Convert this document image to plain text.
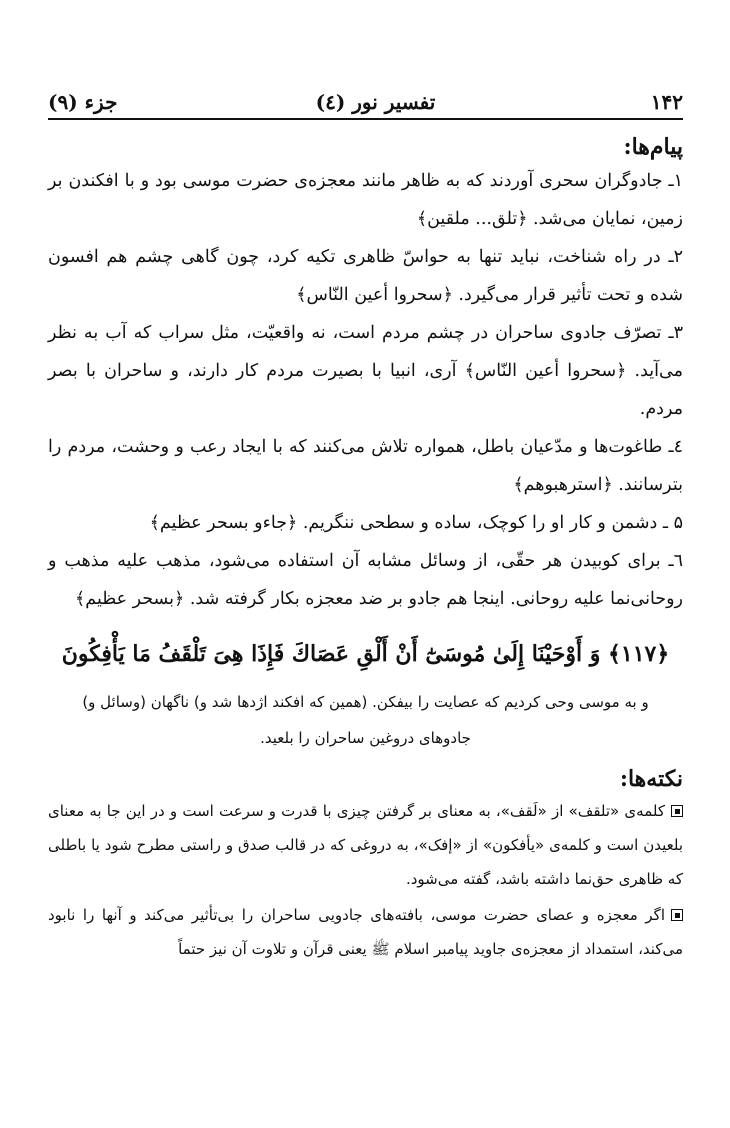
۱۴۲
تفسیر نور (٤)
جزء (۹)
پیام‌ها:
۱ـ جادوگران سحری آوردند که به ظاهر مانند معجزه‌ی حضرت موسی بود و با افکندن بر زمین، نمایان می‌شد. ﴿تلق... ملقین﴾
۲ـ در راه شناخت، نباید تنها به حواسّ ظاهری تکیه کرد، چون گاهی چشم هم افسون شده و تحت تأثیر قرار می‌گیرد. ﴿سحروا أعین النّاس﴾
۳ـ تصرّف جادوی ساحران در چشم مردم است، نه واقعیّت، مثل سراب که آب به نظر می‌آید. ﴿سحروا أعین النّاس﴾ آری، انبیا با بصیرت مردم کار دارند، و ساحران با بصر مردم.
٤ـ طاغوت‌ها و مدّعیان باطل، همواره تلاش می‌کنند که با ایجاد رعب و وحشت، مردم را بترسانند. ﴿استرهبوهم﴾
۵ ـ دشمن و کار او را کوچک، ساده و سطحی ننگریم. ﴿جاءو بسحر عظیم﴾
٦ـ برای کوبیدن هر حقّی، از وسائل مشابه آن استفاده می‌شود، مذهب علیه مذهب و روحانی‌نما علیه روحانی. اینجا هم جادو بر ضد معجزه بکار گرفته شد. ﴿بسحر عظیم﴾
﴿١١٧﴾ وَ أَوْحَيْنَا إِلَىٰ مُوسَىٰٓ أَنْ أَلْقِ عَصَاكَ فَإِذَا هِىَ تَلْقَفُ مَا يَأْفِكُونَ
و به موسی وحی کردیم که عصایت را بیفکن. (همین که افکند اژدها شد و) ناگهان (وسائل و) جادوهای دروغین ساحران را بلعید.
نکته‌ها:
کلمه‌ی «تلقف» از «لَقف»، به معنای بر گرفتن چیزی با قدرت و سرعت است و در این جا به معنای بلعیدن است و کلمه‌ی «یأفکون» از «إفک»، به دروغی که در قالب صدق و راستی مطرح شود یا باطلی که ظاهری حق‌نما داشته باشد، گفته می‌شود.
اگر معجزه و عصای حضرت موسی، بافته‌های جادویی ساحران را بی‌تأثیر می‌کند و آنها را نابود می‌کند، استمداد از معجزه‌ی جاوید پیامبر اسلام ﷺ یعنی قرآن و تلاوت آن نیز حتماً
